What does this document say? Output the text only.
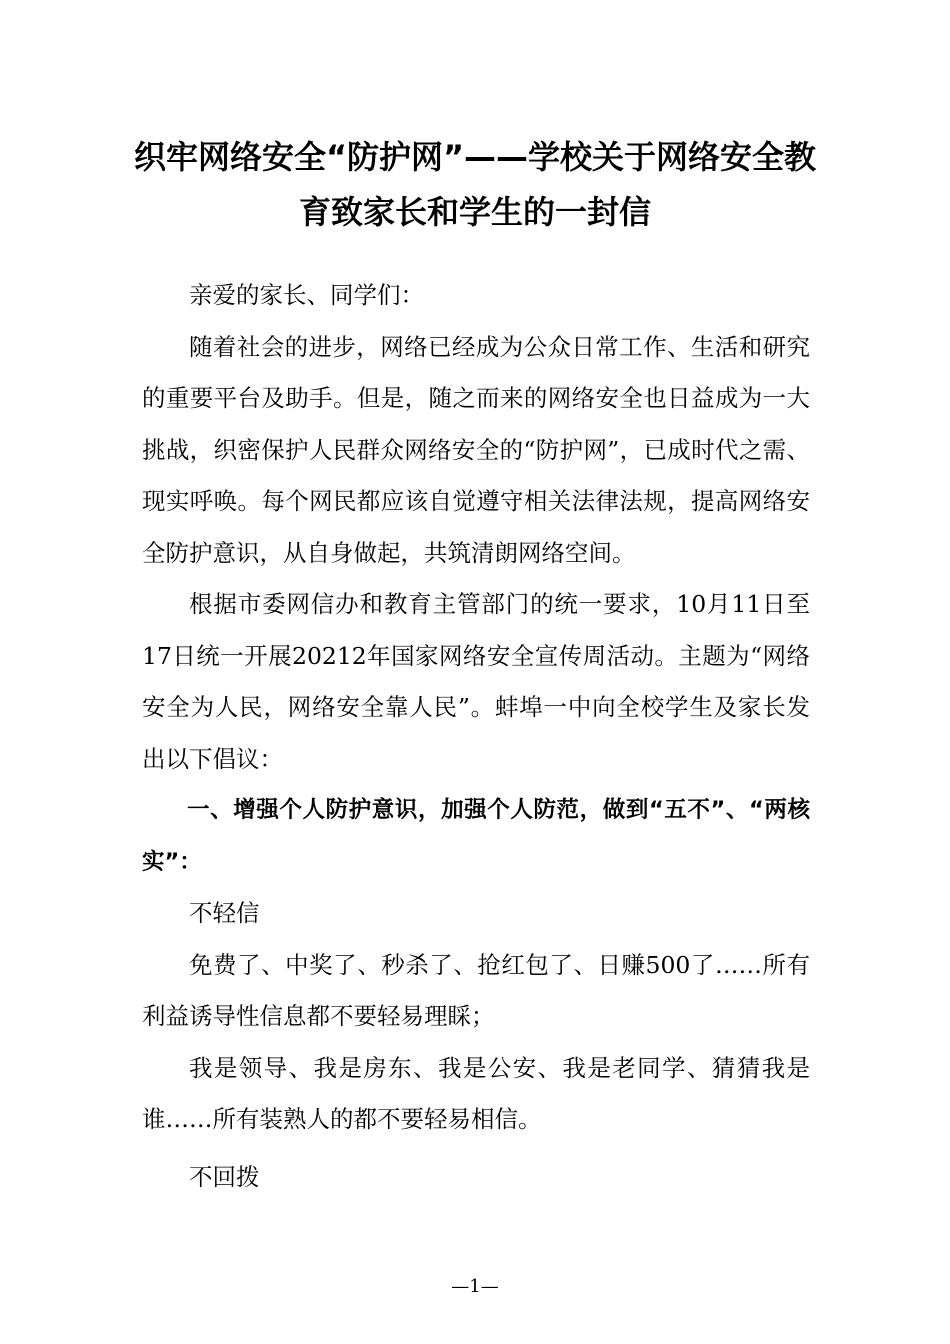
织牢网络安全“防护网”——学校关于网络安全教育致家长和学生的一封信

亲爱的家长、同学们：

随着社会的进步，网络已经成为公众日常工作、生活和研究的重要平台及助手。但是，随之而来的网络安全也日益成为一大挑战，织密保护人民群众网络安全的“防护网”，已成时代之需、现实呼唤。每个网民都应该自觉遵守相关法律法规，提高网络安全防护意识，从自身做起，共筑清朗网络空间。

根据市委网信办和教育主管部门的统一要求，10月11日至17日统一开展20212年国家网络安全宣传周活动。主题为“网络安全为人民，网络安全靠人民”。蚌埠一中向全校学生及家长发出以下倡议：

一、增强个人防护意识，加强个人防范，做到“五不”、“两核实”：

不轻信

免费了、中奖了、秒杀了、抢红包了、日赚500了……所有利益诱导性信息都不要轻易理睬；

我是领导、我是房东、我是公安、我是老同学、猜猜我是谁……所有装熟人的都不要轻易相信。

不回拨

—1—
